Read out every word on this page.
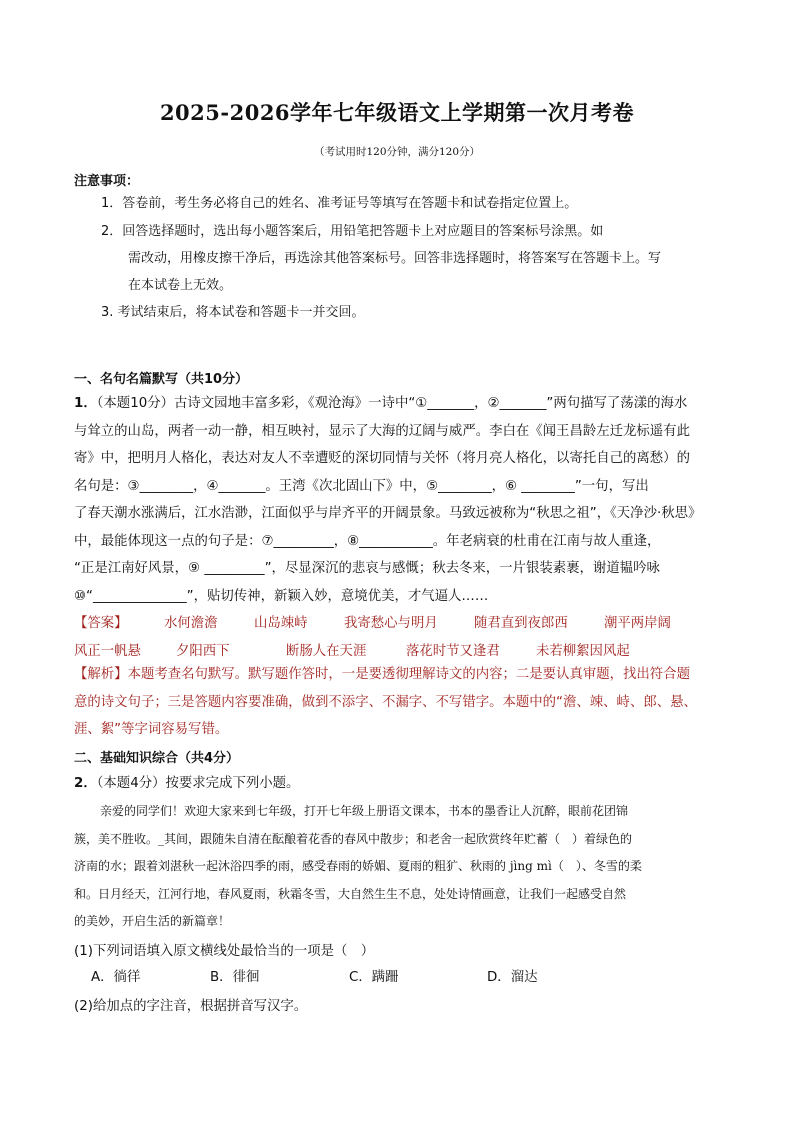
2025-2026学年七年级语文上学期第一次月考卷
（考试用时120分钟，满分120分）
注意事项：
1．答卷前，考生务必将自己的姓名、准考证号等填写在答题卡和试卷指定位置上。
2．回答选择题时，选出每小题答案后，用铅笔把答题卡上对应题目的答案标号涂黑。如
需改动，用橡皮擦干净后，再选涂其他答案标号。回答非选择题时，将答案写在答题卡上。写
在本试卷上无效。
3. 考试结束后，将本试卷和答题卡一并交回。
一、名句名篇默写（共10分）
1．（本题10分）古诗文园地丰富多彩，《观沧海》一诗中“①_______，②_______”两句描写了荡漾的海水
与耸立的山岛，两者一动一静，相互映衬，显示了大海的辽阔与威严。李白在《闻王昌龄左迁龙标遥有此
寄》中，把明月人格化，表达对友人不幸遭贬的深切同情与关怀（将月亮人格化，以寄托自己的离愁）的
名句是：③________，④_______。王湾《次北固山下》中，⑤________，⑥ ________”一句，写出
了春天潮水涨满后，江水浩渺，江面似乎与岸齐平的开阔景象。马致远被称为“秋思之祖”，《天净沙·秋思》
中，最能体现这一点的句子是：⑦_________，⑧___________。年老病衰的杜甫在江南与故人重逢，
“正是江南好风景，⑨ _________”，尽显深沉的悲哀与感慨；秋去冬来，一片银装素裹，谢道韫吟咏
⑩“______________”，贴切传神，新颖入妙，意境优美，才气逼人……
【答案】	水何澹澹	山岛竦峙	我寄愁心与明月	随君直到夜郎西	潮平两岸阔
风正一帆悬	夕阳西下	断肠人在天涯	落花时节又逢君	未若柳絮因风起
【解析】本题考查名句默写。默写题作答时，一是要透彻理解诗文的内容；二是要认真审题，找出符合题
意的诗文句子；三是答题内容要准确，做到不添字、不漏字、不写错字。本题中的“澹、竦、峙、郎、悬、
涯、絮”等字词容易写错。
二、基础知识综合（共4分）
2．（本题4分）按要求完成下列小题。
亲爱的同学们！欢迎大家来到七年级，打开七年级上册语文课本，书本的墨香让人沉醉，眼前花团锦
簇，美不胜收。_其间，跟随朱自清在酝酿着花香的春风中散步；和老舍一起欣赏终年贮蓄（　）着绿色的
济南的水；跟着刘湛秋一起沐浴四季的雨，感受春雨的娇媚、夏雨的粗犷、秋雨的 jìng mì（　）、冬雪的柔
和。日月经天，江河行地，春风夏雨，秋霜冬雪，大自然生生不息，处处诗情画意，让我们一起感受自然
的美妙，开启生活的新篇章！
(1)下列词语填入原文横线处最恰当的一项是（　）
A．徜徉	B．徘徊	C．蹒跚	D．溜达
(2)给加点的字注音，根据拼音写汉字。
